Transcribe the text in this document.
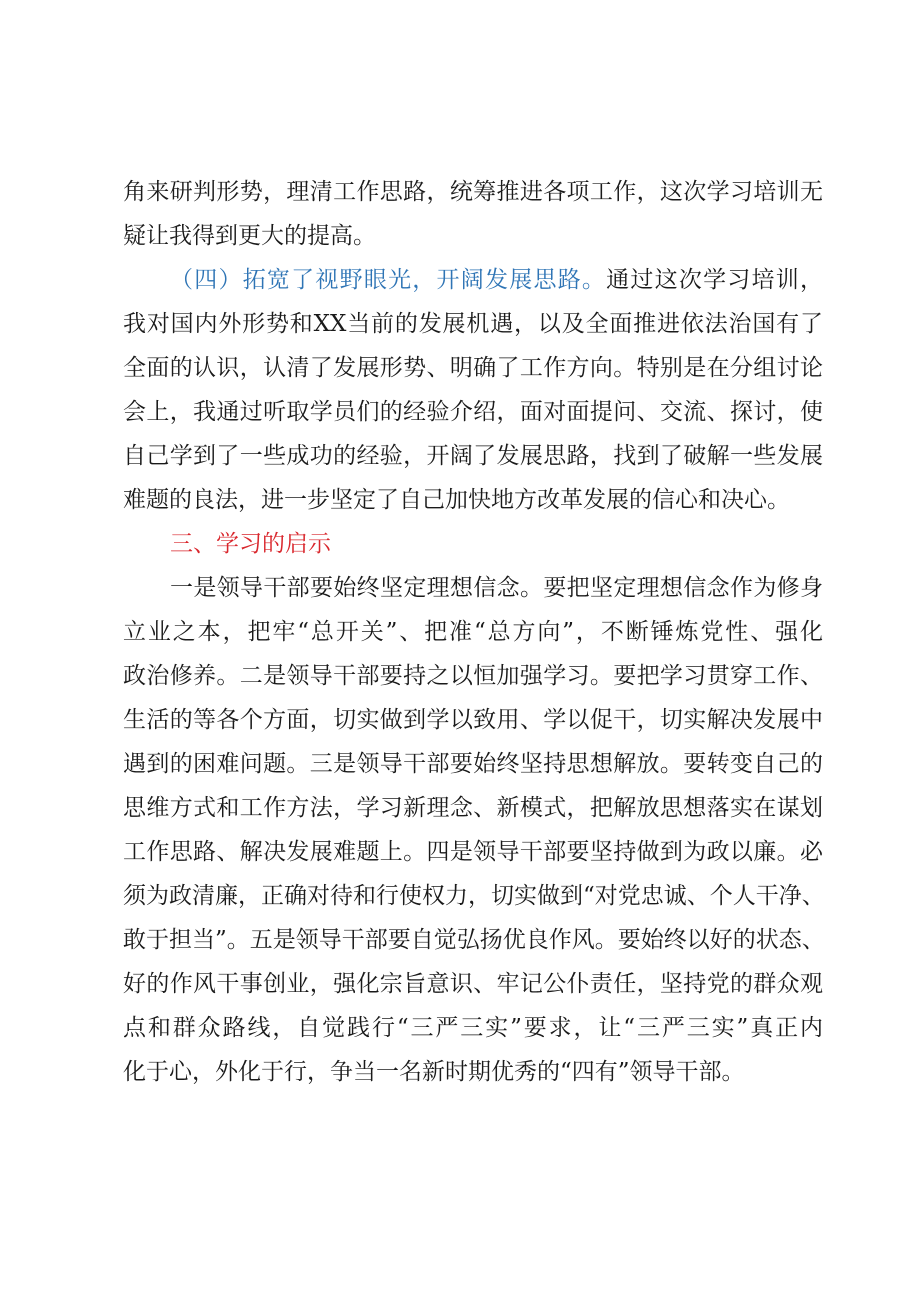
角来研判形势，理清工作思路，统筹推进各项工作，这次学习培训无
疑让我得到更大的提高。
（四）拓宽了视野眼光，开阔发展思路。通过这次学习培训，
我对国内外形势和XX当前的发展机遇，以及全面推进依法治国有了
全面的认识，认清了发展形势、明确了工作方向。特别是在分组讨论
会上，我通过听取学员们的经验介绍，面对面提问、交流、探讨，使
自己学到了一些成功的经验，开阔了发展思路，找到了破解一些发展
难题的良法，进一步坚定了自己加快地方改革发展的信心和决心。
三、学习的启示
一是领导干部要始终坚定理想信念。要把坚定理想信念作为修身
立业之本，把牢“总开关”、把准“总方向”，不断锤炼党性、强化
政治修养。二是领导干部要持之以恒加强学习。要把学习贯穿工作、
生活的等各个方面，切实做到学以致用、学以促干，切实解决发展中
遇到的困难问题。三是领导干部要始终坚持思想解放。要转变自己的
思维方式和工作方法，学习新理念、新模式，把解放思想落实在谋划
工作思路、解决发展难题上。四是领导干部要坚持做到为政以廉。必
须为政清廉，正确对待和行使权力，切实做到“对党忠诚、个人干净、
敢于担当”。五是领导干部要自觉弘扬优良作风。要始终以好的状态、
好的作风干事创业，强化宗旨意识、牢记公仆责任，坚持党的群众观
点和群众路线，自觉践行“三严三实”要求，让“三严三实”真正内
化于心，外化于行，争当一名新时期优秀的“四有”领导干部。
